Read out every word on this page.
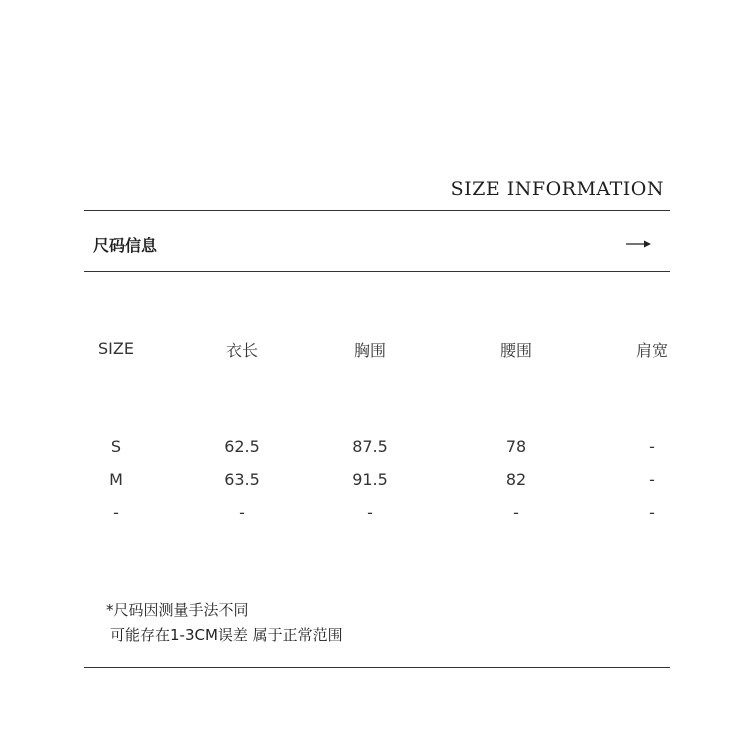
SIZE INFORMATION
尺码信息
SIZE	衣长	胸围	腰围	肩宽
S	62.5	87.5	78	-
M	63.5	91.5	82	-
-	-	-	-	-
*尺码因测量手法不同
可能存在1-3CM误差 属于正常范围
